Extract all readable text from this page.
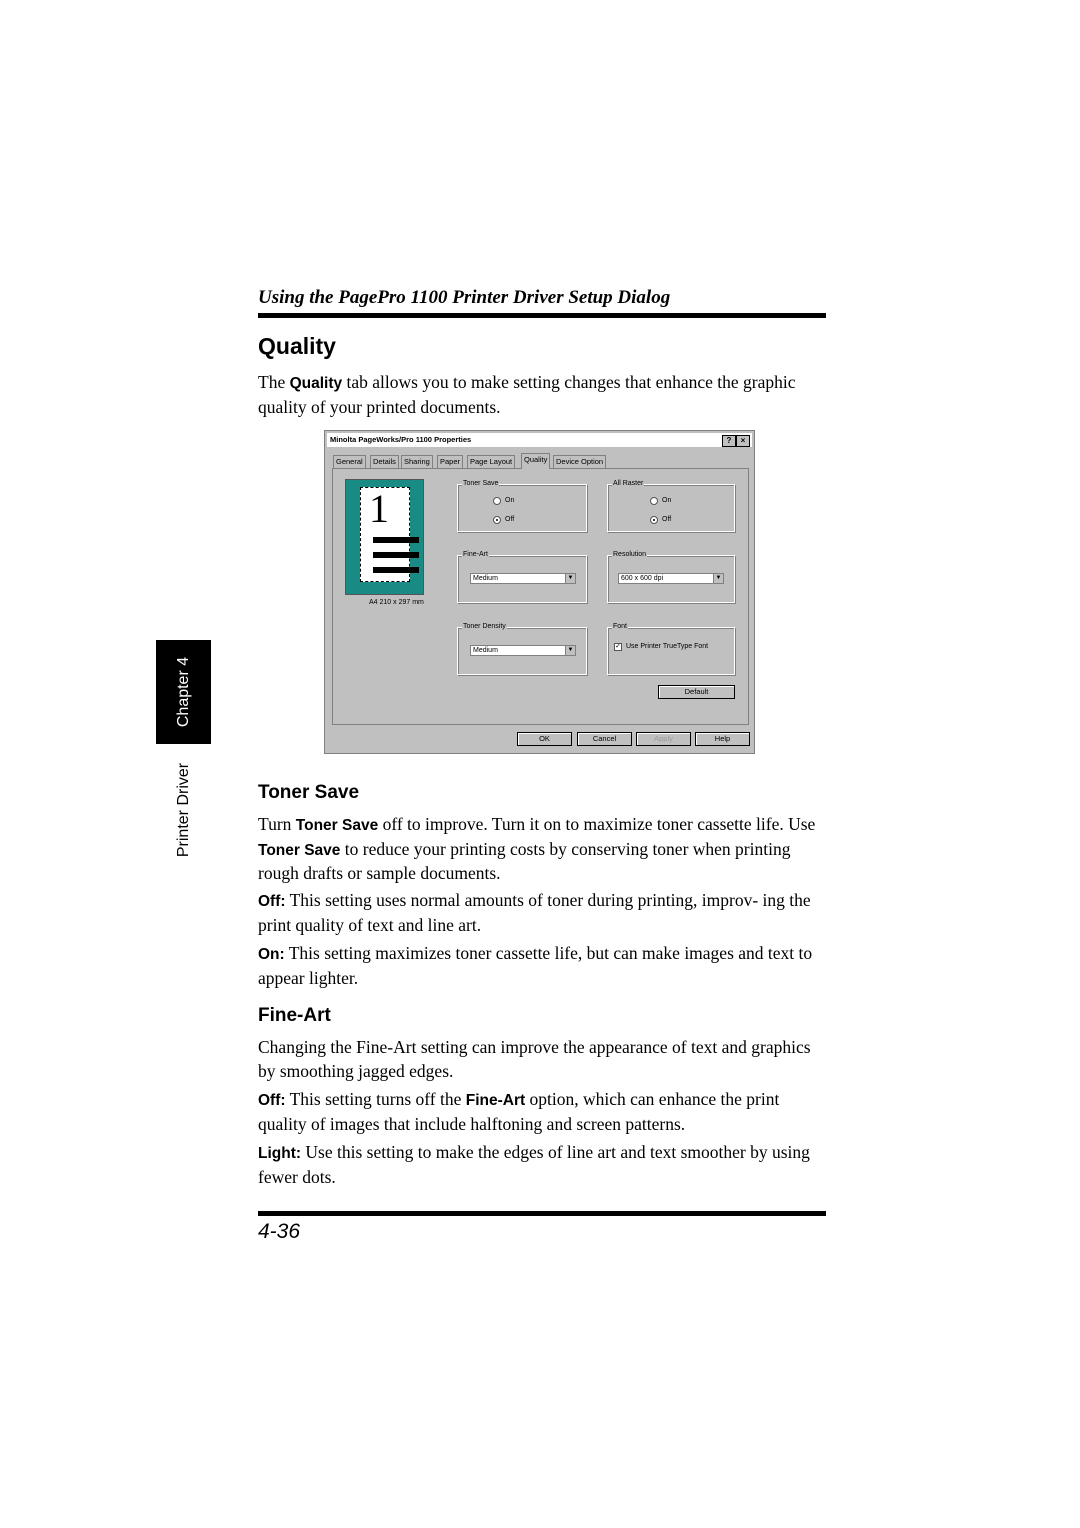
Using the PagePro 1100 Printer Driver Setup Dialog
Chapter 4
Printer Driver
Quality
The Quality tab allows you to make setting changes that enhance the graphic quality of your printed documents.
Minolta PageWorks/Pro 1100 Properties	?	×
General	Details	Sharing	Paper	Page Layout	Quality	Device Option
1
A4 210 x 297 mm
Toner Save
On
Off
All Raster
On
Off
Fine-Art
Medium	▼
Resolution
600 x 600 dpi	▼
Toner Density
Medium	▼
Font
✓ Use Printer TrueType Font
Default
OK	Cancel	Apply	Help
Toner Save
Turn Toner Save off to improve. Turn it on to maximize toner cassette life. Use Toner Save to reduce your printing costs by conserving toner when printing rough drafts or sample documents.
Off: This setting uses normal amounts of toner during printing, improv- ing the print quality of text and line art.
On: This setting maximizes toner cassette life, but can make images and text to appear lighter.
Fine-Art
Changing the Fine-Art setting can improve the appearance of text and graphics by smoothing jagged edges.
Off: This setting turns off the Fine-Art option, which can enhance the print quality of images that include halftoning and screen patterns.
Light: Use this setting to make the edges of line art and text smoother by using fewer dots.
4-36
